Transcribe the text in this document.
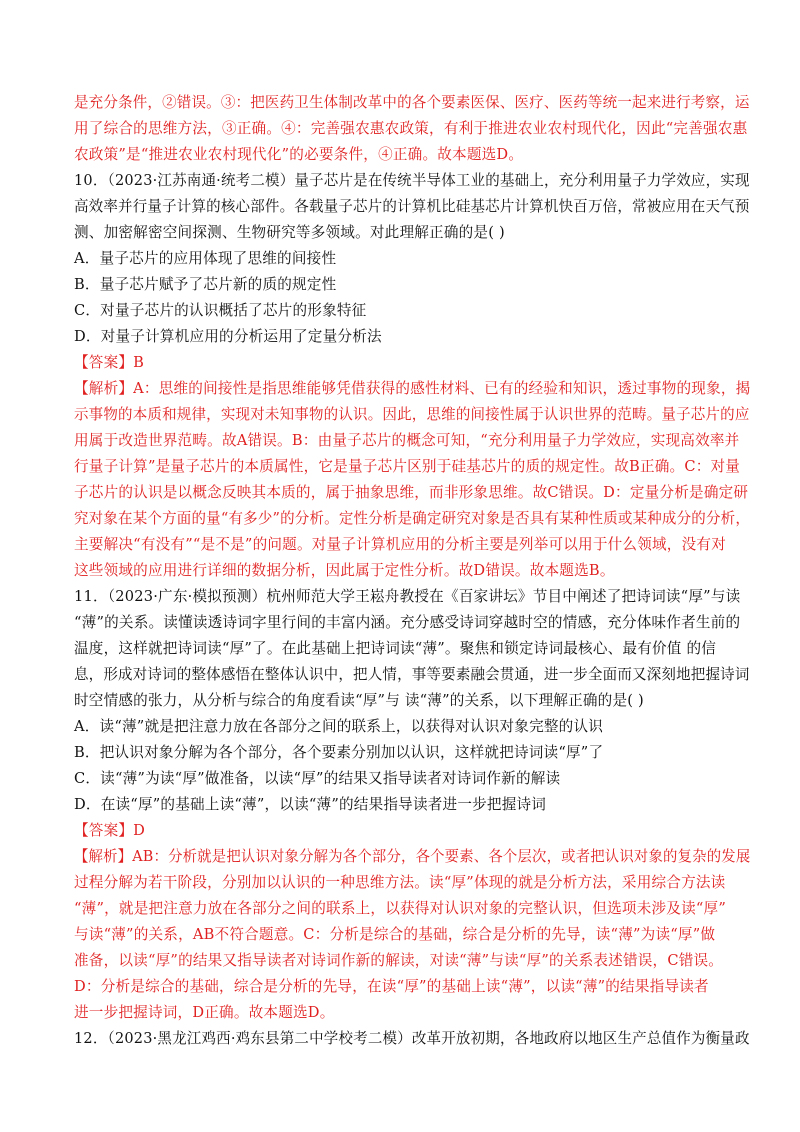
是充分条件，②错误。③：把医药卫生体制改革中的各个要素医保、医疗、医药等统一起来进行考察，运
用了综合的思维方法，③正确。④：完善强农惠农政策，有利于推进农业农村现代化，因此“完善强农惠
农政策”是“推进农业农村现代化”的必要条件，④正确。故本题选D。
10．（2023·江苏南通·统考二模）量子芯片是在传统半导体工业的基础上，充分利用量子力学效应，实现
高效率并行量子计算的核心部件。各载量子芯片的计算机比硅基芯片计算机快百万倍，常被应用在天气预
测、加密解密空间探测、生物研究等多领域。对此理解正确的是( )
A．量子芯片的应用体现了思维的间接性
B．量子芯片赋予了芯片新的质的规定性
C．对量子芯片的认识概括了芯片的形象特征
D．对量子计算机应用的分析运用了定量分析法
【答案】B
【解析】A：思维的间接性是指思维能够凭借获得的感性材料、已有的经验和知识，透过事物的现象，揭
示事物的本质和规律，实现对未知事物的认识。因此，思维的间接性属于认识世界的范畴。量子芯片的应
用属于改造世界范畴。故A错误。B：由量子芯片的概念可知，“充分利用量子力学效应，实现高效率并
行量子计算”是量子芯片的本质属性，它是量子芯片区别于硅基芯片的质的规定性。故B正确。C：对量
子芯片的认识是以概念反映其本质的，属于抽象思维，而非形象思维。故C错误。D：定量分析是确定研
究对象在某个方面的量“有多少”的分析。定性分析是确定研究对象是否具有某种性质或某种成分的分析，
主要解决“有没有”“是不是”的问题。对量子计算机应用的分析主要是列举可以用于什么领域，没有对
这些领域的应用进行详细的数据分析，因此属于定性分析。故D错误。故本题选B。
11．（2023·广东·模拟预测）杭州师范大学王崧舟教授在《百家讲坛》节目中阐述了把诗词读“厚”与读
“薄”的关系。读懂读透诗词字里行间的丰富内涵。充分感受诗词穿越时空的情感，充分体味作者生前的
温度，这样就把诗词读“厚”了。在此基础上把诗词读“薄”。聚焦和锁定诗词最核心、最有价值 的信
息，形成对诗词的整体感悟在整体认识中，把人情，事等要素融会贯通，进一步全面而又深刻地把握诗词
时空情感的张力，从分析与综合的角度看读“厚”与 读“薄”的关系，以下理解正确的是( )
A．读“薄”就是把注意力放在各部分之间的联系上，以获得对认识对象完整的认识
B．把认识对象分解为各个部分，各个要素分别加以认识，这样就把诗词读“厚”了
C．读“薄”为读“厚”做准备，以读“厚”的结果又指导读者对诗词作新的解读
D．在读“厚”的基础上读“薄”，以读“薄”的结果指导读者进一步把握诗词
【答案】D
【解析】AB：分析就是把认识对象分解为各个部分，各个要素、各个层次，或者把认识对象的复杂的发展
过程分解为若干阶段，分别加以认识的一种思维方法。读“厚”体现的就是分析方法，采用综合方法读
“薄”，就是把注意力放在各部分之间的联系上，以获得对认识对象的完整认识，但选项未涉及读“厚”
与读“薄”的关系，AB不符合题意。C：分析是综合的基础，综合是分析的先导，读“薄”为读“厚”做
准备，以读“厚”的结果又指导读者对诗词作新的解读，对读“薄”与读“厚”的关系表述错误，C错误。
D：分析是综合的基础，综合是分析的先导，在读“厚”的基础上读“薄”，以读“薄”的结果指导读者
进一步把握诗词，D正确。故本题选D。
12．（2023·黑龙江鸡西·鸡东县第二中学校考二模）改革开放初期，各地政府以地区生产总值作为衡量政
